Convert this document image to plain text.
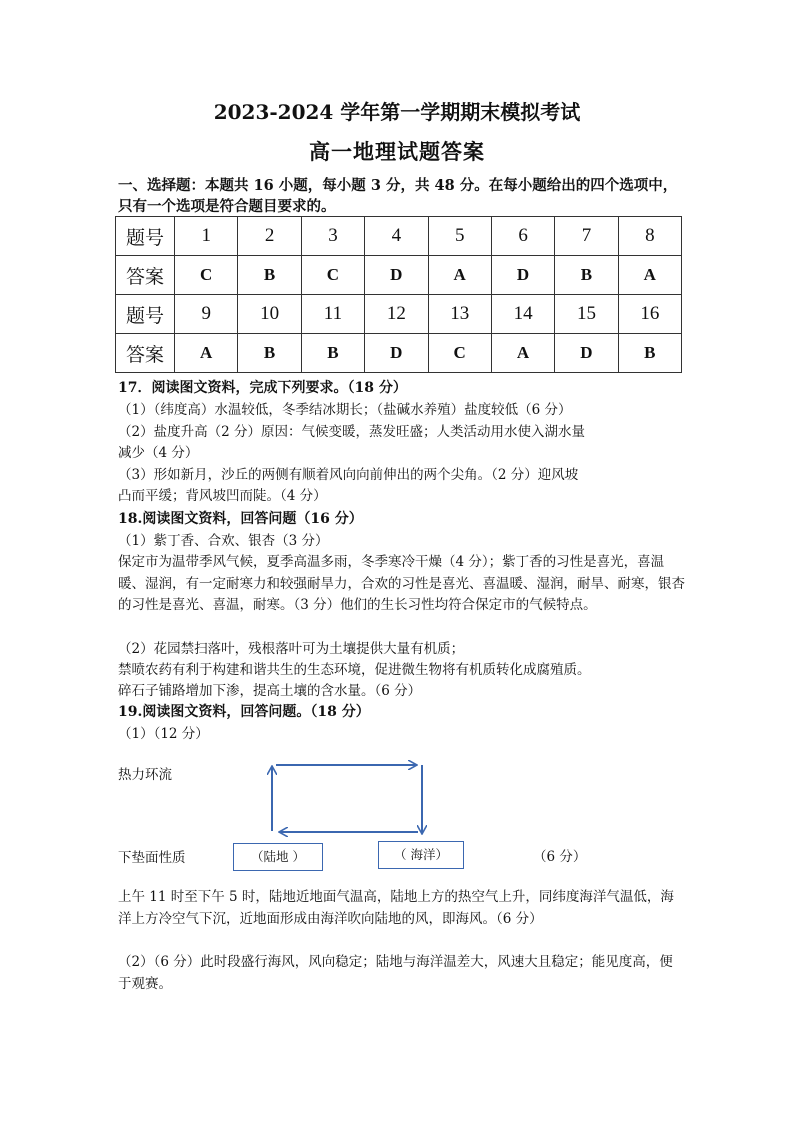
2023-2024 学年第一学期期末模拟考试
高一地理试题答案
一、选择题：本题共 16 小题，每小题 3 分，共 48 分。在每小题给出的四个选项中，只有一个选项是符合题目要求的。
题号	1	2	3	4	5	6	7	8
答案	C	B	C	D	A	D	B	A
题号	9	10	11	12	13	14	15	16
答案	A	B	B	D	C	A	D	B
17．阅读图文资料，完成下列要求。（18 分）
（1）（纬度高）水温较低，冬季结冰期长；（盐碱水养殖）盐度较低（6 分）
（2）盐度升高（2 分）原因：气候变暖，蒸发旺盛；人类活动用水使入湖水量
减少（4 分）
（3）形如新月，沙丘的两侧有顺着风向向前伸出的两个尖角。（2 分）迎风坡
凸而平缓；背风坡凹而陡。（4 分）
18.阅读图文资料，回答问题（16 分）
（1）紫丁香、合欢、银杏（3 分）
保定市为温带季风气候，夏季高温多雨，冬季寒冷干燥（4 分）；紫丁香的习性是喜光，喜温暖、湿润，有一定耐寒力和较强耐旱力，合欢的习性是喜光、喜温暖、湿润，耐旱、耐寒，银杏的习性是喜光、喜温，耐寒。（3 分）他们的生长习性均符合保定市的气候特点。
（2）花园禁扫落叶，残根落叶可为土壤提供大量有机质；
禁喷农药有利于构建和谐共生的生态环境，促进微生物将有机质转化成腐殖质。
碎石子铺路增加下渗，提高土壤的含水量。（6 分）
19.阅读图文资料，回答问题。（18 分）
（1）（12 分）
热力环流
下垫面性质	（陆地 ）	（ 海洋）	（6 分）
上午 11 时至下午 5 时，陆地近地面气温高，陆地上方的热空气上升，同纬度海洋气温低，海洋上方冷空气下沉，近地面形成由海洋吹向陆地的风，即海风。（6 分）
（2）（6 分）此时段盛行海风，风向稳定；陆地与海洋温差大，风速大且稳定；能见度高，便于观赛。
